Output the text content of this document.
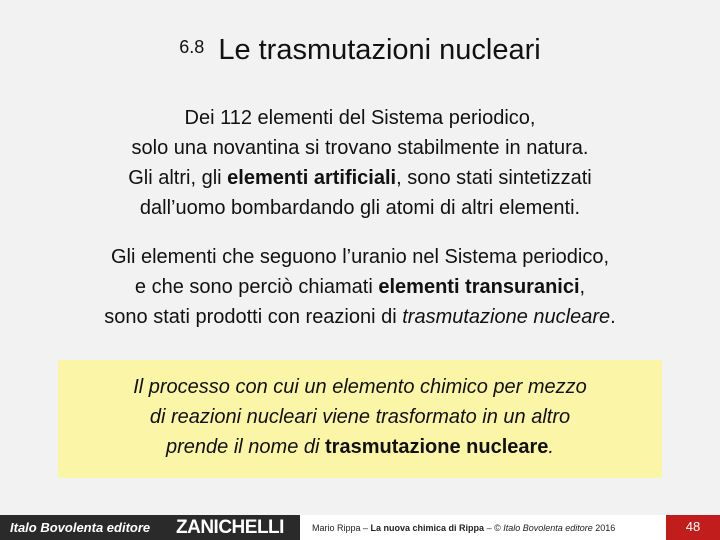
6.8 Le trasmutazioni nucleari
Dei 112 elementi del Sistema periodico,
solo una novantina si trovano stabilmente in natura.
Gli altri, gli elementi artificiali, sono stati sintetizzati
dall’uomo bombardando gli atomi di altri elementi.
Gli elementi che seguono l’uranio nel Sistema periodico,
e che sono perciò chiamati elementi transuranici,
sono stati prodotti con reazioni di trasmutazione nucleare.
Il processo con cui un elemento chimico per mezzo
di reazioni nucleari viene trasformato in un altro
prende il nome di trasmutazione nucleare.
Italo Bovolenta editore ZANICHELLI	Mario Rippa – La nuova chimica di Rippa – © Italo Bovolenta editore 2016	48
